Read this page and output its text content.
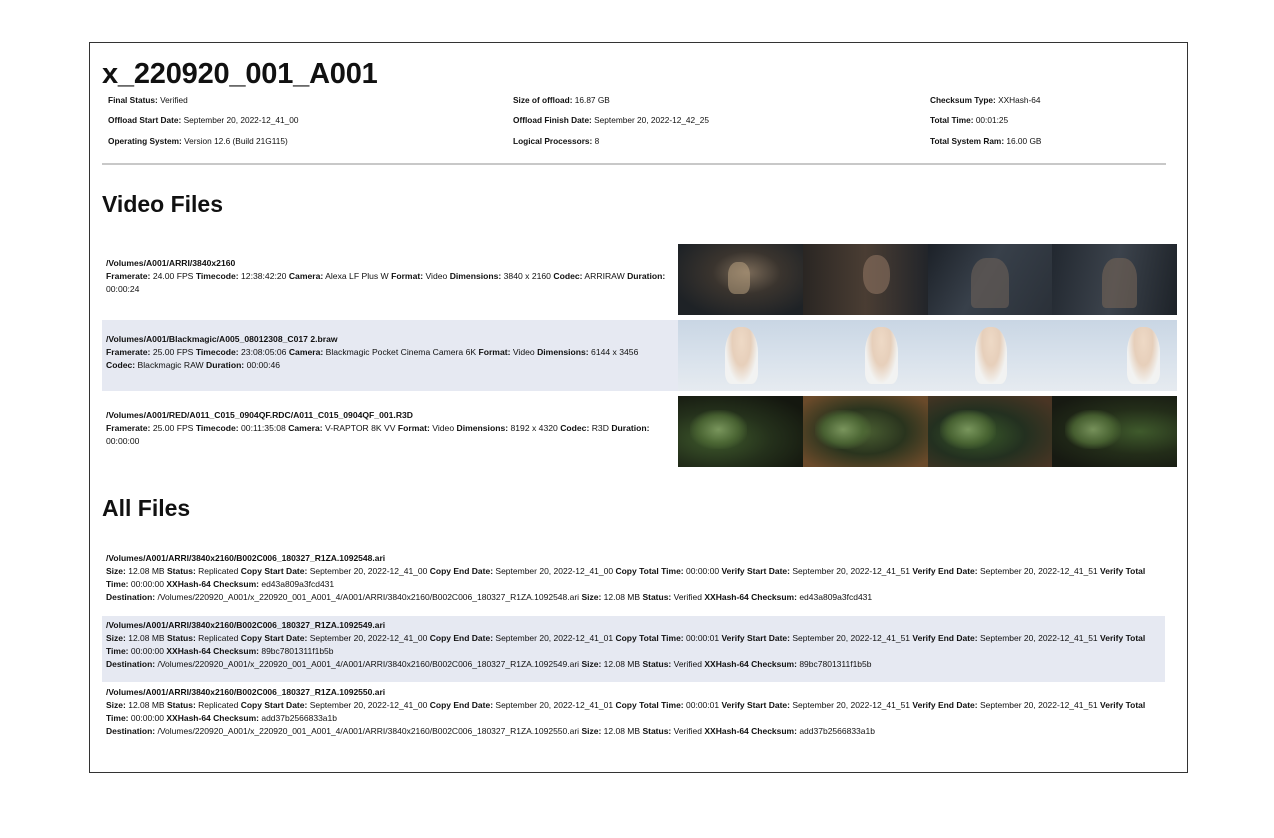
x_220920_001_A001
Final Status: Verified	Size of offload: 16.87 GB	Checksum Type: XXHash-64
Offload Start Date: September 20, 2022-12_41_00	Offload Finish Date: September 20, 2022-12_42_25	Total Time: 00:01:25
Operating System: Version 12.6 (Build 21G115)	Logical Processors: 8	Total System Ram: 16.00 GB
Video Files
/Volumes/A001/ARRI/3840x2160
Framerate: 24.00 FPS Timecode: 12:38:42:20 Camera: Alexa LF Plus W Format: Video Dimensions: 3840 x 2160 Codec: ARRIRAW Duration: 00:00:24
/Volumes/A001/Blackmagic/A005_08012308_C017 2.braw
Framerate: 25.00 FPS Timecode: 23:08:05:06 Camera: Blackmagic Pocket Cinema Camera 6K Format: Video Dimensions: 6144 x 3456 Codec: Blackmagic RAW Duration: 00:00:46
/Volumes/A001/RED/A011_C015_0904QF.RDC/A011_C015_0904QF_001.R3D
Framerate: 25.00 FPS Timecode: 00:11:35:08 Camera: V-RAPTOR 8K VV Format: Video Dimensions: 8192 x 4320 Codec: R3D Duration: 00:00:00
All Files
/Volumes/A001/ARRI/3840x2160/B002C006_180327_R1ZA.1092548.ari
Size: 12.08 MB Status: Replicated Copy Start Date: September 20, 2022-12_41_00 Copy End Date: September 20, 2022-12_41_00 Copy Total Time: 00:00:00 Verify Start Date: September 20, 2022-12_41_51 Verify End Date: September 20, 2022-12_41_51 Verify Total Time: 00:00:00 XXHash-64 Checksum: ed43a809a3fcd431
Destination: /Volumes/220920_A001/x_220920_001_A001_4/A001/ARRI/3840x2160/B002C006_180327_R1ZA.1092548.ari Size: 12.08 MB Status: Verified XXHash-64 Checksum: ed43a809a3fcd431
/Volumes/A001/ARRI/3840x2160/B002C006_180327_R1ZA.1092549.ari
Size: 12.08 MB Status: Replicated Copy Start Date: September 20, 2022-12_41_00 Copy End Date: September 20, 2022-12_41_01 Copy Total Time: 00:00:01 Verify Start Date: September 20, 2022-12_41_51 Verify End Date: September 20, 2022-12_41_51 Verify Total Time: 00:00:00 XXHash-64 Checksum: 89bc7801311f1b5b
Destination: /Volumes/220920_A001/x_220920_001_A001_4/A001/ARRI/3840x2160/B002C006_180327_R1ZA.1092549.ari Size: 12.08 MB Status: Verified XXHash-64 Checksum: 89bc7801311f1b5b
/Volumes/A001/ARRI/3840x2160/B002C006_180327_R1ZA.1092550.ari
Size: 12.08 MB Status: Replicated Copy Start Date: September 20, 2022-12_41_00 Copy End Date: September 20, 2022-12_41_01 Copy Total Time: 00:00:01 Verify Start Date: September 20, 2022-12_41_51 Verify End Date: September 20, 2022-12_41_51 Verify Total Time: 00:00:00 XXHash-64 Checksum: add37b2566833a1b
Destination: /Volumes/220920_A001/x_220920_001_A001_4/A001/ARRI/3840x2160/B002C006_180327_R1ZA.1092550.ari Size: 12.08 MB Status: Verified XXHash-64 Checksum: add37b2566833a1b
